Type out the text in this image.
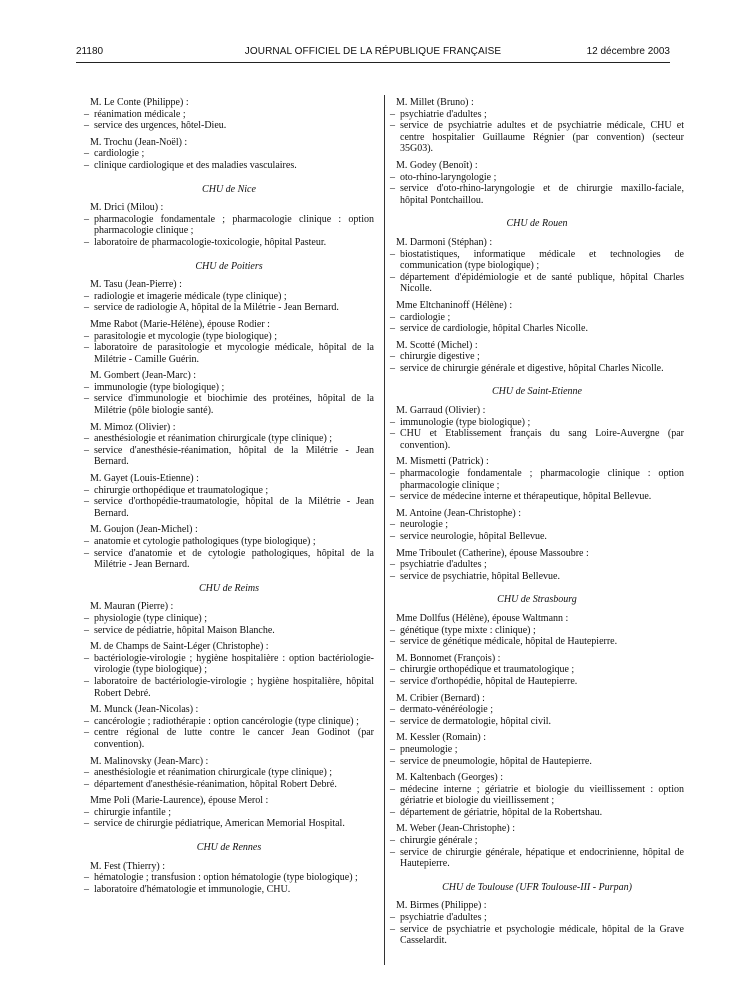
21180	JOURNAL OFFICIEL DE LA RÉPUBLIQUE FRANÇAISE	12 décembre 2003

M. Le Conte (Philippe) :

– réanimation médicale ;

– service des urgences, hôtel-Dieu.

M. Trochu (Jean-Noël) :

– cardiologie ;

– clinique cardiologique et des maladies vasculaires.

CHU de Nice

M. Drici (Milou) :

– pharmacologie fondamentale ; pharmacologie clinique : option pharmacologie clinique ;

– laboratoire de pharmacologie-toxicologie, hôpital Pasteur.

CHU de Poitiers

M. Tasu (Jean-Pierre) :

– radiologie et imagerie médicale (type clinique) ;

– service de radiologie A, hôpital de la Milétrie - Jean Bernard.

Mme Rabot (Marie-Hélène), épouse Rodier :

– parasitologie et mycologie (type biologique) ;

– laboratoire de parasitologie et mycologie médicale, hôpital de la Milétrie - Camille Guérin.

M. Gombert (Jean-Marc) :

– immunologie (type biologique) ;

– service d'immunologie et biochimie des protéines, hôpital de la Milétrie (pôle biologie santé).

M. Mimoz (Olivier) :

– anesthésiologie et réanimation chirurgicale (type clinique) ;

– service d'anesthésie-réanimation, hôpital de la Milétrie - Jean Bernard.

M. Gayet (Louis-Etienne) :

– chirurgie orthopédique et traumatologique ;

– service d'orthopédie-traumatologie, hôpital de la Milétrie - Jean Bernard.

M. Goujon (Jean-Michel) :

– anatomie et cytologie pathologiques (type biologique) ;

– service d'anatomie et de cytologie pathologiques, hôpital de la Milétrie - Jean Bernard.

CHU de Reims

M. Mauran (Pierre) :

– physiologie (type clinique) ;

– service de pédiatrie, hôpital Maison Blanche.

M. de Champs de Saint-Léger (Christophe) :

– bactériologie-virologie ; hygiène hospitalière : option bactériologie-virologie (type biologique) ;

– laboratoire de bactériologie-virologie ; hygiène hospitalière, hôpital Robert Debré.

M. Munck (Jean-Nicolas) :

– cancérologie ; radiothérapie : option cancérologie (type clinique) ;

– centre régional de lutte contre le cancer Jean Godinot (par convention).

M. Malinovsky (Jean-Marc) :

– anesthésiologie et réanimation chirurgicale (type clinique) ;

– département d'anesthésie-réanimation, hôpital Robert Debré.

Mme Poli (Marie-Laurence), épouse Merol :

– chirurgie infantile ;

– service de chirurgie pédiatrique, American Memorial Hospital.

CHU de Rennes

M. Fest (Thierry) :

– hématologie ; transfusion : option hématologie (type biologique) ;

– laboratoire d'hématologie et immunologie, CHU.

M. Millet (Bruno) :

– psychiatrie d'adultes ;

– service de psychiatrie adultes et de psychiatrie médicale, CHU et centre hospitalier Guillaume Régnier (par convention) (secteur 35G03).

M. Godey (Benoît) :

– oto-rhino-laryngologie ;

– service d'oto-rhino-laryngologie et de chirurgie maxillo-faciale, hôpital Pontchaillou.

CHU de Rouen

M. Darmoni (Stéphan) :

– biostatistiques, informatique médicale et technologies de communication (type biologique) ;

– département d'épidémiologie et de santé publique, hôpital Charles Nicolle.

Mme Eltchaninoff (Hélène) :

– cardiologie ;

– service de cardiologie, hôpital Charles Nicolle.

M. Scotté (Michel) :

– chirurgie digestive ;

– service de chirurgie générale et digestive, hôpital Charles Nicolle.

CHU de Saint-Etienne

M. Garraud (Olivier) :

– immunologie (type biologique) ;

– CHU et Etablissement français du sang Loire-Auvergne (par convention).

M. Mismetti (Patrick) :

– pharmacologie fondamentale ; pharmacologie clinique : option pharmacologie clinique ;

– service de médecine interne et thérapeutique, hôpital Bellevue.

M. Antoine (Jean-Christophe) :

– neurologie ;

– service neurologie, hôpital Bellevue.

Mme Triboulet (Catherine), épouse Massoubre :

– psychiatrie d'adultes ;

– service de psychiatrie, hôpital Bellevue.

CHU de Strasbourg

Mme Dollfus (Hélène), épouse Waltmann :

– génétique (type mixte : clinique) ;

– service de génétique médicale, hôpital de Hautepierre.

M. Bonnomet (François) :

– chirurgie orthopédique et traumatologique ;

– service d'orthopédie, hôpital de Hautepierre.

M. Cribier (Bernard) :

– dermato-vénéréologie ;

– service de dermatologie, hôpital civil.

M. Kessler (Romain) :

– pneumologie ;

– service de pneumologie, hôpital de Hautepierre.

M. Kaltenbach (Georges) :

– médecine interne ; gériatrie et biologie du vieillissement : option gériatrie et biologie du vieillissement ;

– département de gériatrie, hôpital de la Robertshau.

M. Weber (Jean-Christophe) :

– chirurgie générale ;

– service de chirurgie générale, hépatique et endocrinienne, hôpital de Hautepierre.

CHU de Toulouse (UFR Toulouse-III - Purpan)

M. Birmes (Philippe) :

– psychiatrie d'adultes ;

– service de psychiatrie et psychologie médicale, hôpital de la Grave Casselardit.
